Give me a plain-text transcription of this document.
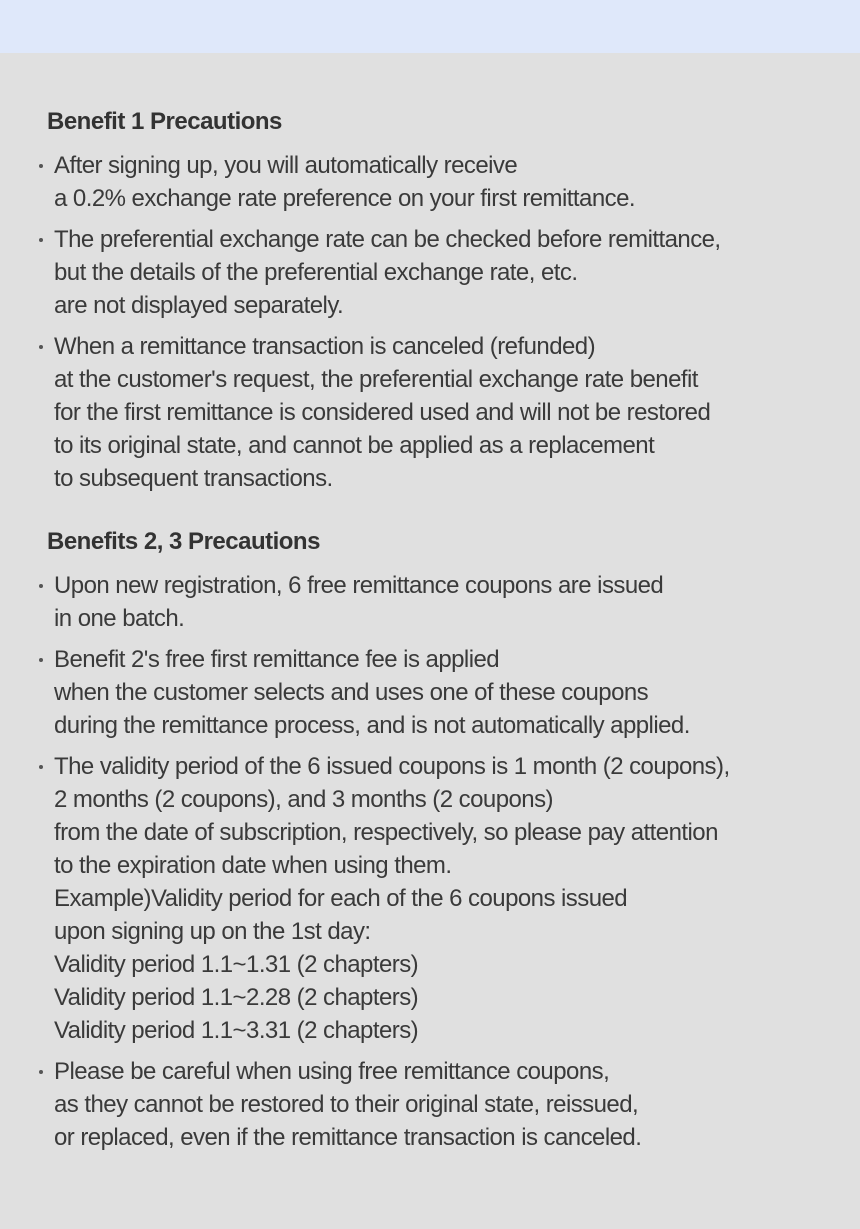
Benefit 1 Precautions
After signing up, you will automatically receive
a 0.2% exchange rate preference on your first remittance.
The preferential exchange rate can be checked before remittance,
but the details of the preferential exchange rate, etc.
are not displayed separately.
When a remittance transaction is canceled (refunded)
at the customer's request, the preferential exchange rate benefit
for the first remittance is considered used and will not be restored
to its original state, and cannot be applied as a replacement
to subsequent transactions.
Benefits 2, 3 Precautions
Upon new registration, 6 free remittance coupons are issued
in one batch.
Benefit 2's free first remittance fee is applied
when the customer selects and uses one of these coupons
during the remittance process, and is not automatically applied.
The validity period of the 6 issued coupons is 1 month (2 coupons),
2 months (2 coupons), and 3 months (2 coupons)
from the date of subscription, respectively, so please pay attention
to the expiration date when using them.
Example)Validity period for each of the 6 coupons issued
upon signing up on the 1st day:
Validity period 1.1~1.31 (2 chapters)
Validity period 1.1~2.28 (2 chapters)
Validity period 1.1~3.31 (2 chapters)
Please be careful when using free remittance coupons,
as they cannot be restored to their original state, reissued,
or replaced, even if the remittance transaction is canceled.
